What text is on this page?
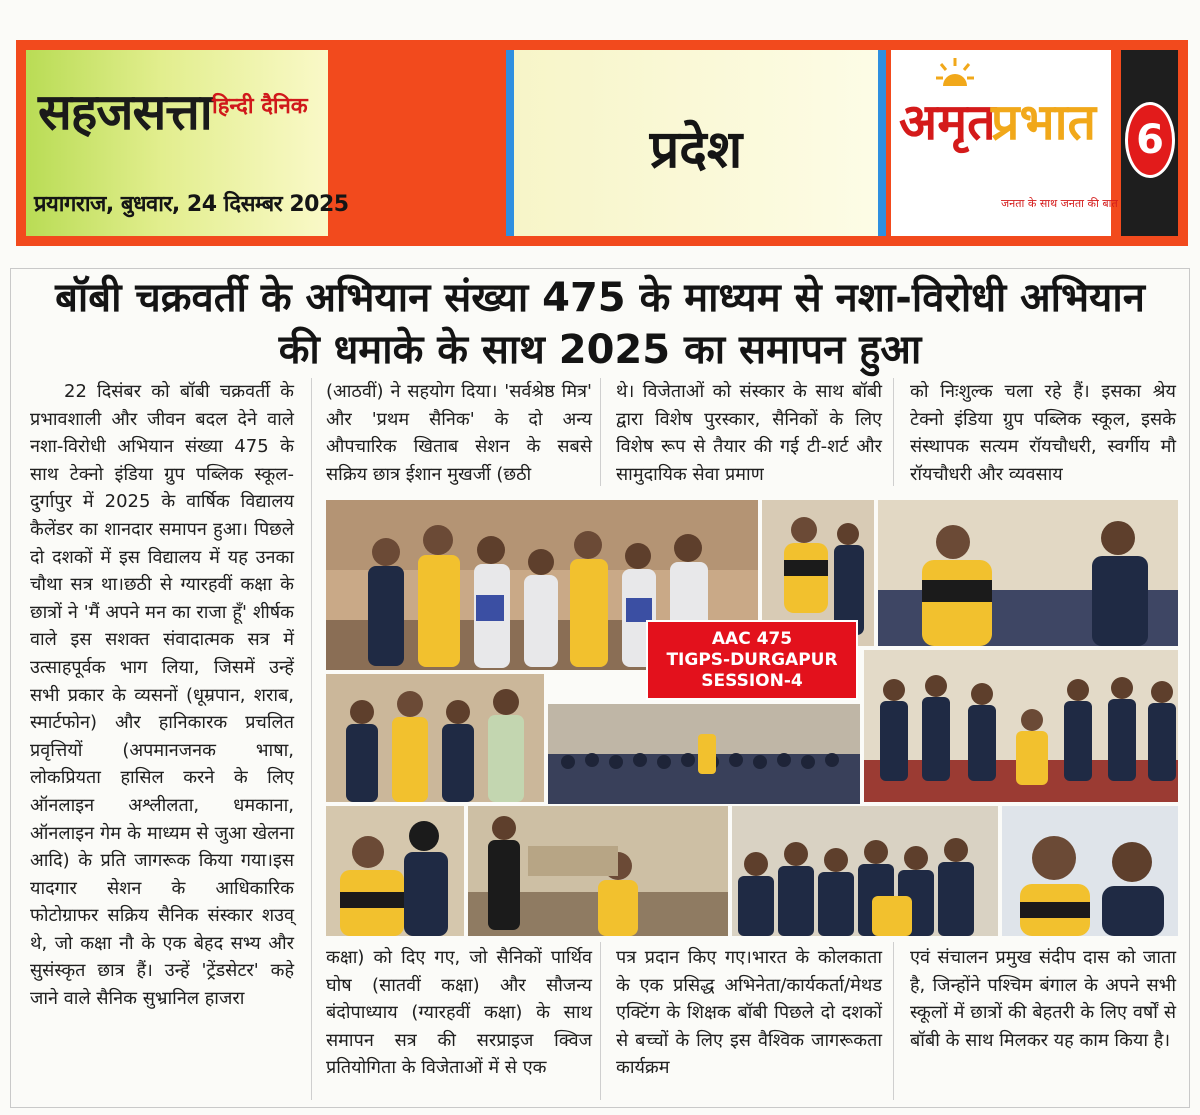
सहजसत्ता हिन्दी दैनिक
प्रयागराज, बुधवार, 24 दिसम्बर 2025
प्रदेश	अमृत
प्रभात
जनता के साथ जनता की बात
6
बॉबी चक्रवर्ती के अभियान संख्या 475 के माध्यम से नशा-विरोधी अभियान की धमाके के साथ 2025 का समापन हुआ

22 दिसंबर को बॉबी चक्रवर्ती के प्रभावशाली और जीवन बदल देने वाले नशा-विरोधी अभियान संख्या 475 के साथ टेक्नो इंडिया ग्रुप पब्लिक स्कूल-दुर्गापुर में 2025 के वार्षिक विद्यालय कैलेंडर का शानदार समापन हुआ। पिछले दो दशकों में इस विद्यालय में यह उनका चौथा सत्र था।छठी से ग्यारहवीं कक्षा के छात्रों ने 'मैं अपने मन का राजा हूँ' शीर्षक वाले इस सशक्त संवादात्मक सत्र में उत्साहपूर्वक भाग लिया, जिसमें उन्हें सभी प्रकार के व्यसनों (धूम्रपान, शराब, स्मार्टफोन) और हानिकारक प्रचलित प्रवृत्तियों (अपमानजनक भाषा, लोकप्रियता हासिल करने के लिए ऑनलाइन अश्लीलता, धमकाना, ऑनलाइन गेम के माध्यम से जुआ खेलना आदि) के प्रति जागरूक किया गया।इस यादगार सेशन के आधिकारिक फोटोग्राफर सक्रिय सैनिक संस्कार शउव् थे, जो कक्षा नौ के एक बेहद सभ्य और सुसंस्कृत छात्र हैं। उन्हें 'ट्रेंडसेटर' कहे जाने वाले सैनिक सुभ्रानिल हाजरा

(आठवीं) ने सहयोग दिया। 'सर्वश्रेष्ठ मित्र' और 'प्रथम सैनिक' के दो अन्य औपचारिक खिताब सेशन के सबसे सक्रिय छात्र ईशान मुखर्जी (छठी

थे। विजेताओं को संस्कार के साथ बॉबी द्वारा विशेष पुरस्कार, सैनिकों के लिए विशेष रूप से तैयार की गई टी-शर्ट और सामुदायिक सेवा प्रमाण

को निःशुल्क चला रहे हैं। इसका श्रेय टेक्नो इंडिया ग्रुप पब्लिक स्कूल, इसके संस्थापक सत्यम रॉयचौधरी, स्वर्गीय मौ रॉयचौधरी और व्यवसाय

AAC 475
TIGPS-DURGAPUR
SESSION-4

कक्षा) को दिए गए, जो सैनिकों पार्थिव घोष (सातवीं कक्षा) और सौजन्य बंदोपाध्याय (ग्यारहवीं कक्षा) के साथ समापन सत्र की सरप्राइज क्विज प्रतियोगिता के विजेताओं में से एक

पत्र प्रदान किए गए।भारत के कोलकाता के एक प्रसिद्ध अभिनेता/कार्यकर्ता/मेथड एक्टिंग के शिक्षक बॉबी पिछले दो दशकों से बच्चों के लिए इस वैश्विक जागरूकता कार्यक्रम

एवं संचालन प्रमुख संदीप दास को जाता है, जिन्होंने पश्चिम बंगाल के अपने सभी स्कूलों में छात्रों की बेहतरी के लिए वर्षों से बॉबी के साथ मिलकर यह काम किया है।
